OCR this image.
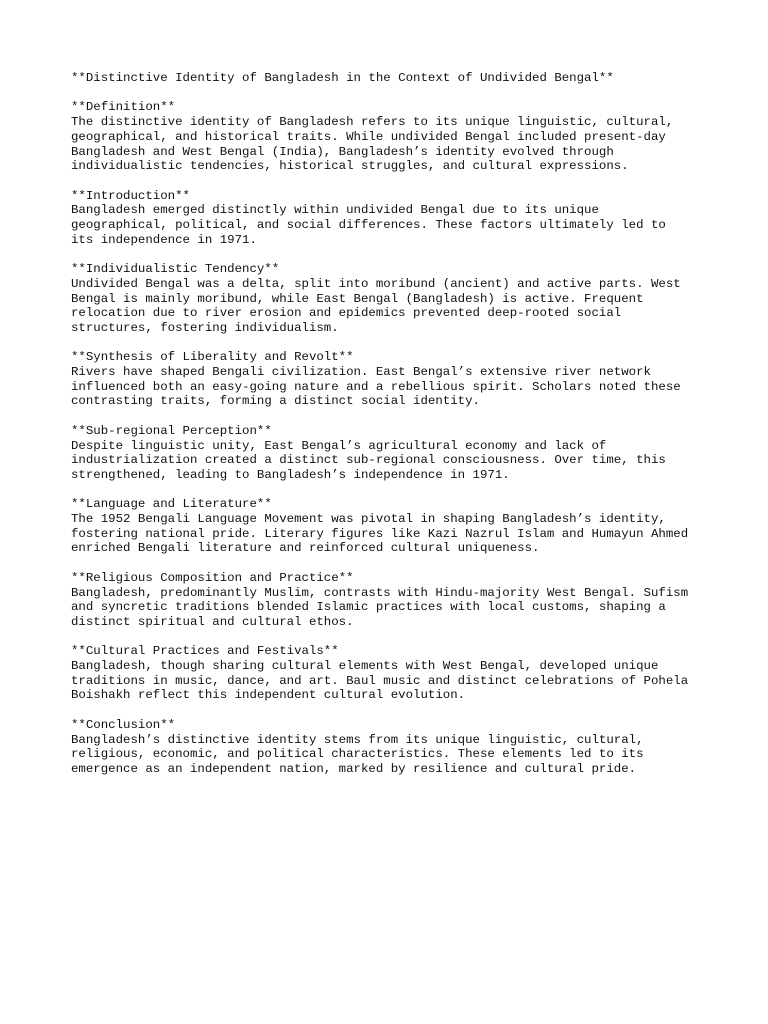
**Distinctive Identity of Bangladesh in the Context of Undivided Bengal**
**Definition**
The distinctive identity of Bangladesh refers to its unique linguistic, cultural,
geographical, and historical traits. While undivided Bengal included present-day
Bangladesh and West Bengal (India), Bangladesh’s identity evolved through
individualistic tendencies, historical struggles, and cultural expressions.
**Introduction**
Bangladesh emerged distinctly within undivided Bengal due to its unique
geographical, political, and social differences. These factors ultimately led to
its independence in 1971.
**Individualistic Tendency**
Undivided Bengal was a delta, split into moribund (ancient) and active parts. West
Bengal is mainly moribund, while East Bengal (Bangladesh) is active. Frequent
relocation due to river erosion and epidemics prevented deep-rooted social
structures, fostering individualism.
**Synthesis of Liberality and Revolt**
Rivers have shaped Bengali civilization. East Bengal’s extensive river network
influenced both an easy-going nature and a rebellious spirit. Scholars noted these
contrasting traits, forming a distinct social identity.
**Sub-regional Perception**
Despite linguistic unity, East Bengal’s agricultural economy and lack of
industrialization created a distinct sub-regional consciousness. Over time, this
strengthened, leading to Bangladesh’s independence in 1971.
**Language and Literature**
The 1952 Bengali Language Movement was pivotal in shaping Bangladesh’s identity,
fostering national pride. Literary figures like Kazi Nazrul Islam and Humayun Ahmed
enriched Bengali literature and reinforced cultural uniqueness.
**Religious Composition and Practice**
Bangladesh, predominantly Muslim, contrasts with Hindu-majority West Bengal. Sufism
and syncretic traditions blended Islamic practices with local customs, shaping a
distinct spiritual and cultural ethos.
**Cultural Practices and Festivals**
Bangladesh, though sharing cultural elements with West Bengal, developed unique
traditions in music, dance, and art. Baul music and distinct celebrations of Pohela
Boishakh reflect this independent cultural evolution.
**Conclusion**
Bangladesh’s distinctive identity stems from its unique linguistic, cultural,
religious, economic, and political characteristics. These elements led to its
emergence as an independent nation, marked by resilience and cultural pride.
